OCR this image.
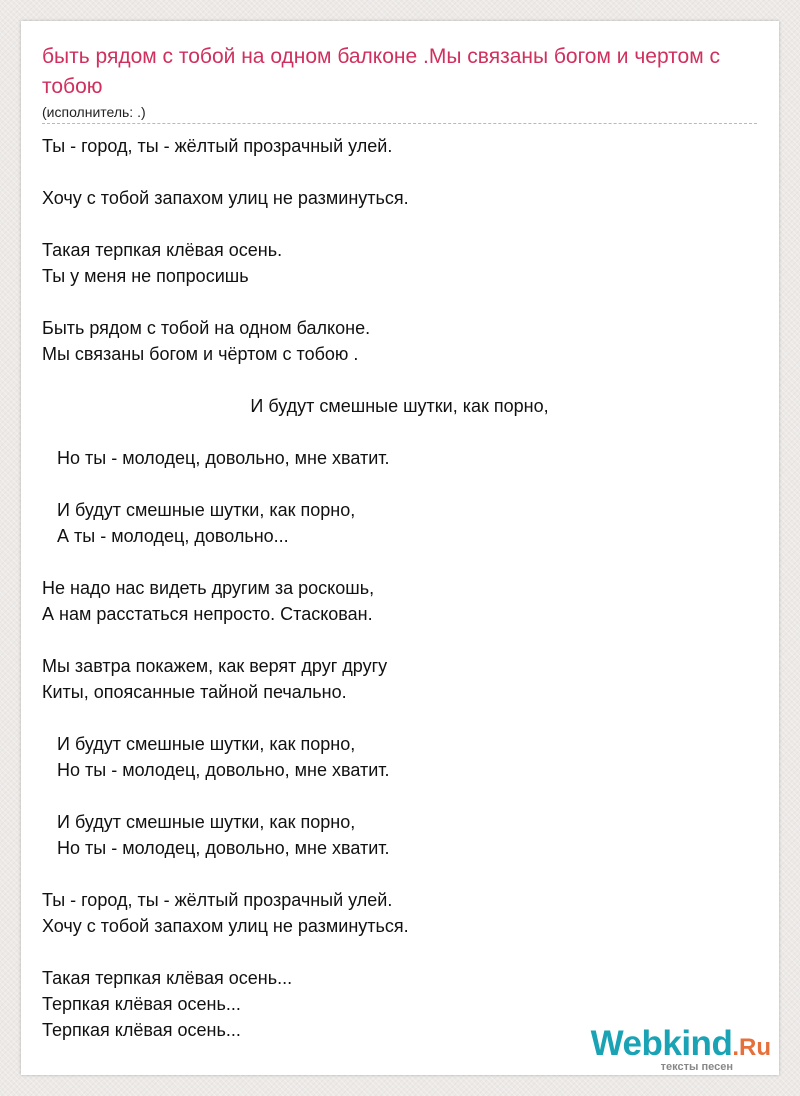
быть рядом с тобой на одном балконе .Мы связаны богом и чертом с тобою
(исполнитель: .)
Ты - город, ты - жёлтый прозрачный улей.
Хочу с тобой запахом улиц не разминуться.
Такая терпкая клёвая осень.
Ты у меня не попросишь
Быть рядом с тобой на одном балконе.
Мы связаны богом и чёртом с тобою .
И будут смешные шутки, как порно,
Но ты - молодец, довольно, мне хватит.
И будут смешные шутки, как порно,
А ты - молодец, довольно...
Не надо нас видеть другим за роскошь,
А нам расстаться непросто. Стаскован.
Мы завтра покажем, как верят друг другу
Киты, опоясанные тайной печально.
И будут смешные шутки, как порно,
Но ты - молодец, довольно, мне хватит.
И будут смешные шутки, как порно,
Но ты - молодец, довольно, мне хватит.
Ты - город, ты - жёлтый прозрачный улей.
Хочу с тобой запахом улиц не разминуться.
Такая терпкая клёвая осень...
Терпкая клёвая осень...
Терпкая клёвая осень...	Webkind.Ru
тексты песен
